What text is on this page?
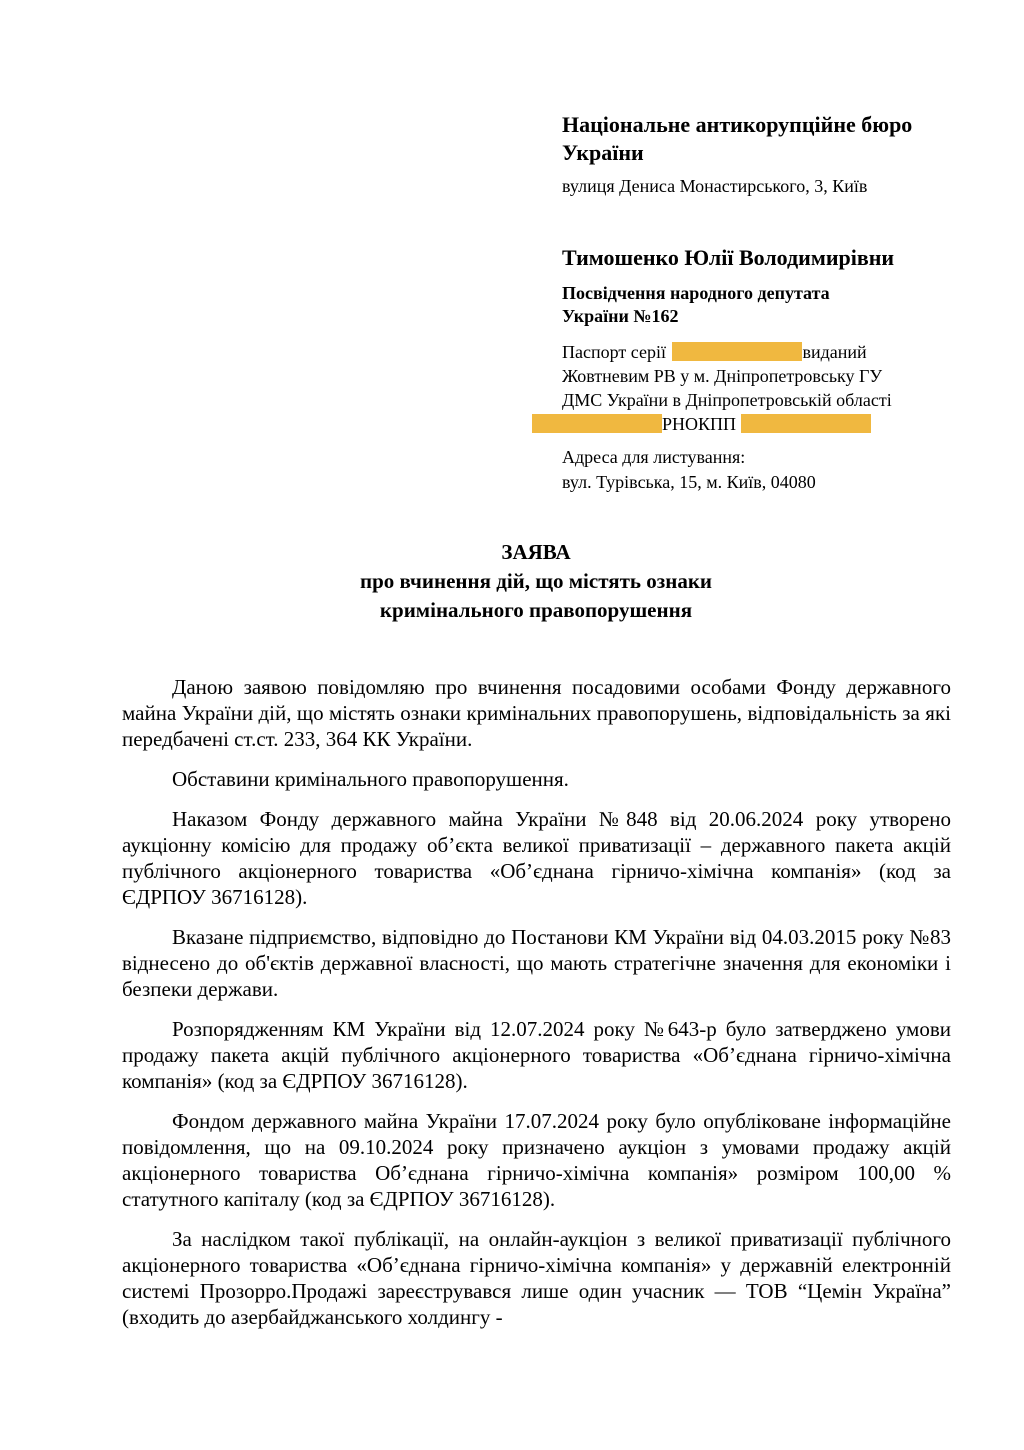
Національне антикорупційне бюро України
вулиця Дениса Монастирського, 3, Київ
Тимошенко Юлії Володимирівни
Посвідчення народного депутата
України №162
Паспорт серії	виданий
Жовтневим РВ у м. Дніпропетровську ГУ
ДМС України в Дніпропетровській області
РНОКПП
Адреса для листування:
вул. Турівська, 15, м. Київ, 04080
ЗАЯВА
про вчинення дій, що містять ознаки
кримінального правопорушення

Даною заявою повідомляю про вчинення посадовими особами Фонду державного майна України дій, що містять ознаки кримінальних правопорушень, відповідальність за які передбачені ст.ст. 233, 364 КК України.

Обставини кримінального правопорушення.

Наказом Фонду державного майна України №848 від 20.06.2024 року утворено аукціонну комісію для продажу об’єкта великої приватизації – державного пакета акцій публічного акціонерного товариства «Об’єднана гірничо-хімічна компанія» (код за ЄДРПОУ 36716128).

Вказане підприємство, відповідно до Постанови КМ України від 04.03.2015 року №83 віднесено до об'єктів державної власності, що мають стратегічне значення для економіки і безпеки держави.

Розпорядженням КМ України від 12.07.2024 року №643-р було затверджено умови продажу пакета акцій публічного акціонерного товариства «Об’єднана гірничо-хімічна компанія» (код за ЄДРПОУ 36716128).

Фондом державного майна України 17.07.2024 року було опубліковане інформаційне повідомлення, що на 09.10.2024 року призначено аукціон з умовами продажу акцій акціонерного товариства Об’єднана гірничо-хімічна компанія» розміром 100,00 % статутного капіталу (код за ЄДРПОУ 36716128).

За наслідком такої публікації, на онлайн-аукціон з великої приватизації публічного акціонерного товариства «Об’єднана гірничо-хімічна компанія» у державній електронній системі Прозорро.Продажі зареєструвався лише один учасник — ТОВ “Цемін Україна” (входить до азербайджанського холдингу -
